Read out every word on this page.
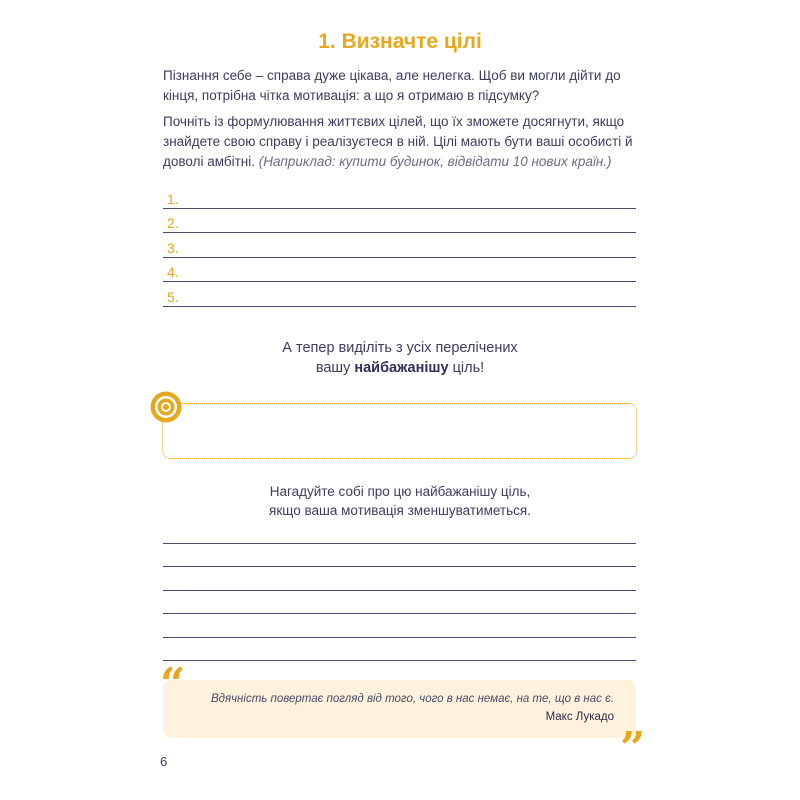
1. Визначте цілі
Пізнання себе – справа дуже цікава, але нелегка. Щоб ви могли дійти до кінця, потрібна чітка мотивація: а що я отримаю в підсумку?
Почніть із формулювання життєвих цілей, що їх зможете досягнути, якщо знайдете свою справу і реалізуєтеся в ній. Цілі мають бути ваші особисті й доволі амбітні. (Наприклад: купити будинок, відвідати 10 нових країн.)
1.
2.
3.
4.
5.
А тепер виділіть з усіх перелічених
вашу найбажанішу ціль!
Нагадуйте собі про цю найбажанішу ціль,
якщо ваша мотивація зменшуватиметься.
Вдячність повертає погляд від того, чого в нас немає, на те, що в нас є.
Макс Лукадо
“
”
6
